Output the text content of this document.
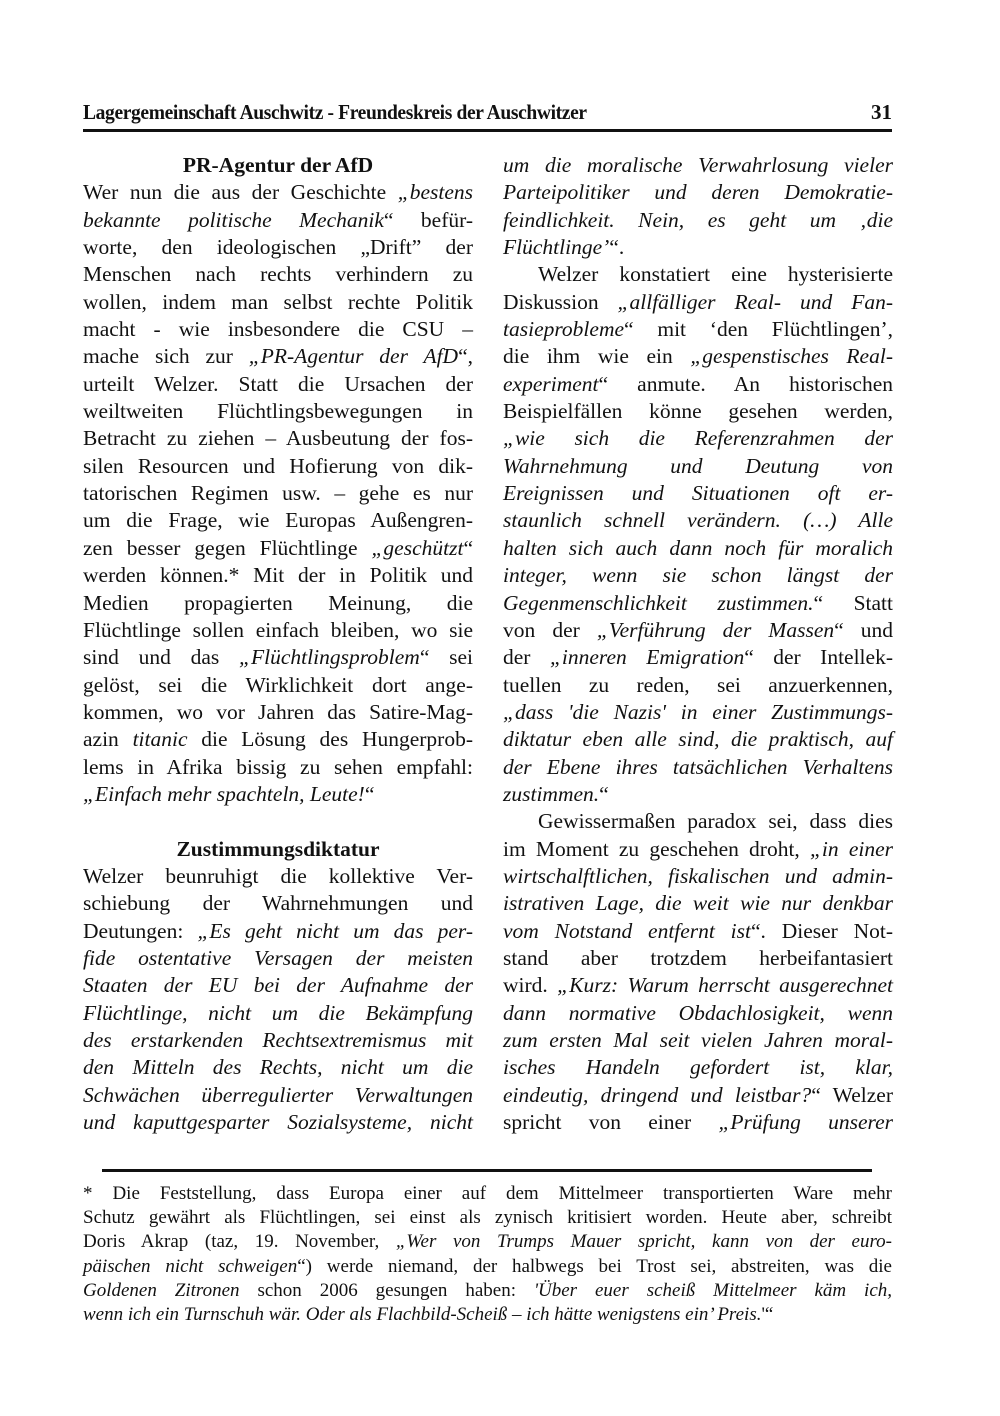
Lagergemeinschaft Auschwitz - Freundeskreis der Auschwitzer	31
PR-Agentur der AfD
Wer nun die aus der Geschichte „bestens
bekannte politische Mechanik“ befür-
worte, den ideologischen „Drift” der
Menschen nach rechts verhindern zu
wollen, indem man selbst rechte Politik
macht - wie insbesondere die CSU –
mache sich zur „PR-Agentur der AfD“,
urteilt Welzer. Statt die Ursachen der
weiltweiten Flüchtlingsbewegungen in
Betracht zu ziehen – Ausbeutung der fos-
silen Resourcen und Hofierung von dik-
tatorischen Regimen usw. – gehe es nur
um die Frage, wie Europas Außengren-
zen besser gegen Flüchtlinge „geschützt“
werden können.* Mit der in Politik und
Medien propagierten Meinung, die
Flüchtlinge sollen einfach bleiben, wo sie
sind und das „Flüchtlingsproblem“ sei
gelöst, sei die Wirklichkeit dort ange-
kommen, wo vor Jahren das Satire-Mag-
azin titanic die Lösung des Hungerprob-
lems in Afrika bissig zu sehen empfahl:
„Einfach mehr spachteln, Leute!“
Zustimmungsdiktatur
Welzer beunruhigt die kollektive Ver-
schiebung der Wahrnehmungen und
Deutungen: „Es geht nicht um das per-
fide ostentative Versagen der meisten
Staaten der EU bei der Aufnahme der
Flüchtlinge, nicht um die Bekämpfung
des erstarkenden Rechtsextremismus mit
den Mitteln des Rechts, nicht um die
Schwächen überregulierter Verwaltungen
und kaputtgesparter Sozialsysteme, nicht
um die moralische Verwahrlosung vieler
Parteipolitiker und deren Demokratie-
feindlichkeit. Nein, es geht um ‚die
Flüchtlinge’“.
Welzer konstatiert eine hysterisierte
Diskussion „allfälliger Real- und Fan-
tasieprobleme“ mit ‘den Flüchtlingen’,
die ihm wie ein „gespenstisches Real-
experiment“ anmute. An historischen
Beispielfällen könne gesehen werden,
„wie sich die Referenzrahmen der
Wahrnehmung und Deutung von
Ereignissen und Situationen oft er-
staunlich schnell verändern. (…) Alle
halten sich auch dann noch für moralich
integer, wenn sie schon längst der
Gegenmenschlichkeit zustimmen.“ Statt
von der „Verführung der Massen“ und
der „inneren Emigration“ der Intellek-
tuellen zu reden, sei anzuerkennen,
„dass 'die Nazis' in einer Zustimmungs-
diktatur eben alle sind, die praktisch, auf
der Ebene ihres tatsächlichen Verhaltens
zustimmen.“
Gewissermaßen paradox sei, dass dies
im Moment zu geschehen droht, „in einer
wirtschalftlichen, fiskalischen und admin-
istrativen Lage, die weit wie nur denkbar
vom Notstand entfernt ist“. Dieser Not-
stand aber trotzdem herbeifantasiert
wird. „Kurz: Warum herrscht ausgerechnet
dann normative Obdachlosigkeit, wenn
zum ersten Mal seit vielen Jahren moral-
isches Handeln gefordert ist, klar,
eindeutig, dringend und leistbar?“ Welzer
spricht von einer „Prüfung unserer
* Die Feststellung, dass Europa einer auf dem Mittelmeer transportierten Ware mehr
Schutz gewährt als Flüchtlingen, sei einst als zynisch kritisiert worden. Heute aber, schreibt
Doris Akrap (taz, 19. November, „Wer von Trumps Mauer spricht, kann von der euro-
päischen nicht schweigen“) werde niemand, der halbwegs bei Trost sei, abstreiten, was die
Goldenen Zitronen schon 2006 gesungen haben: 'Über euer scheiß Mittelmeer käm ich,
wenn ich ein Turnschuh wär. Oder als Flachbild-Scheiß – ich hätte wenigstens ein’ Preis.'“
